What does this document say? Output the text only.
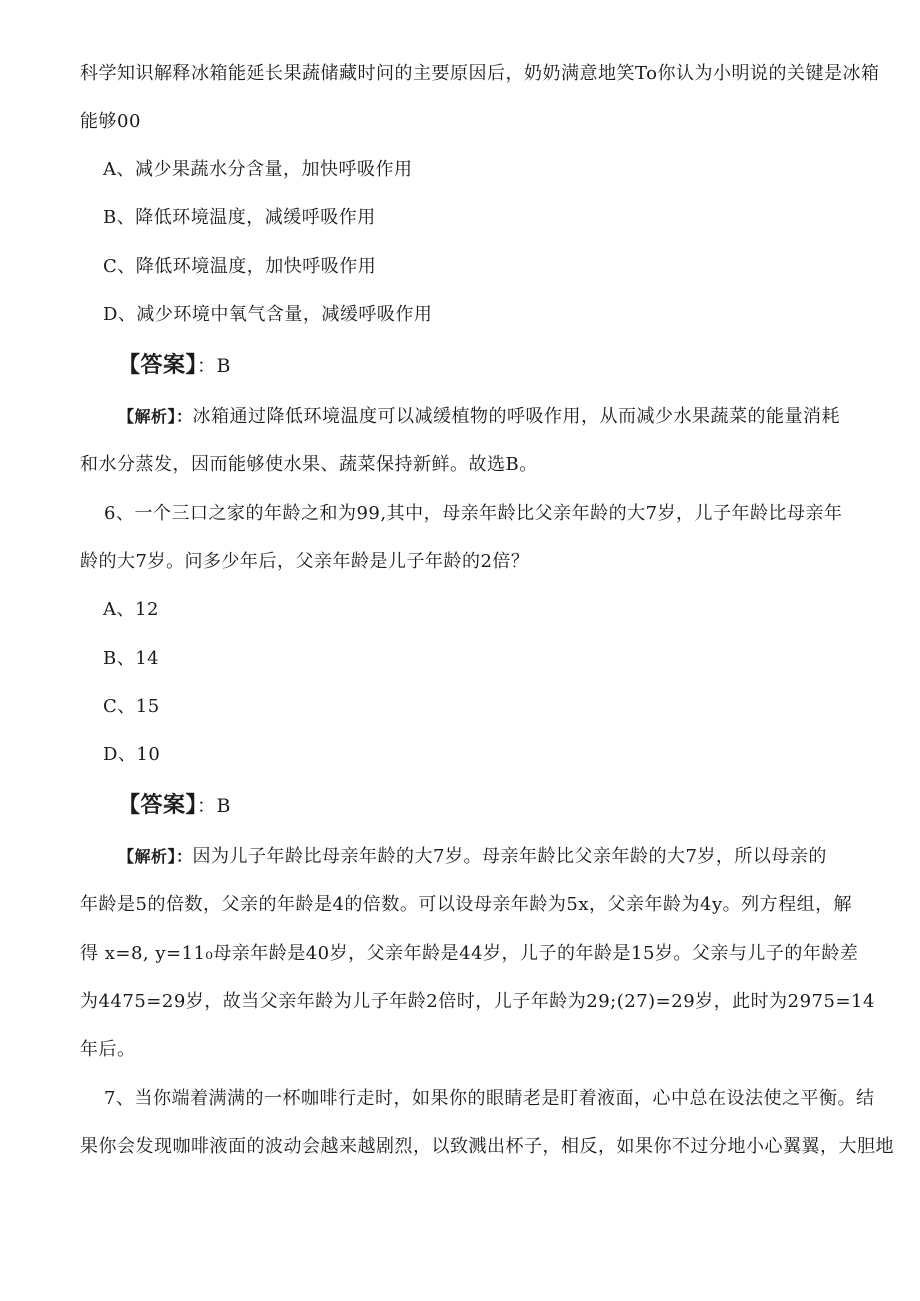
科学知识解释冰箱能延长果蔬储藏时问的主要原因后，奶奶满意地笑To你认为小明说的关键是冰箱
能够00
A、减少果蔬水分含量，加快呼吸作用
B、降低环境温度，减缓呼吸作用
C、降低环境温度，加快呼吸作用
D、减少环境中氧气含量，减缓呼吸作用
【答案】：B
【解析】：冰箱通过降低环境温度可以减缓植物的呼吸作用，从而减少水果蔬菜的能量消耗
和水分蒸发，因而能够使水果、蔬菜保持新鲜。故选B。
6、一个三口之家的年龄之和为99,其中，母亲年龄比父亲年龄的大7岁，儿子年龄比母亲年
龄的大7岁。问多少年后，父亲年龄是儿子年龄的2倍？
A、12
B、14
C、15
D、10
【答案】：B
【解析】：因为儿子年龄比母亲年龄的大7岁。母亲年龄比父亲年龄的大7岁，所以母亲的
年龄是5的倍数，父亲的年龄是4的倍数。可以设母亲年龄为5x，父亲年龄为4y。列方程组，解
得 x=8, y=11₀母亲年龄是40岁，父亲年龄是44岁，儿子的年龄是15岁。父亲与儿子的年龄差
为4475=29岁，故当父亲年龄为儿子年龄2倍时，儿子年龄为29;(27)=29岁，此时为2975=14
年后。
7、当你端着满满的一杯咖啡行走时，如果你的眼睛老是盯着液面，心中总在设法使之平衡。结
果你会发现咖啡液面的波动会越来越剧烈，以致溅出杯子，相反，如果你不过分地小心翼翼，大胆地
